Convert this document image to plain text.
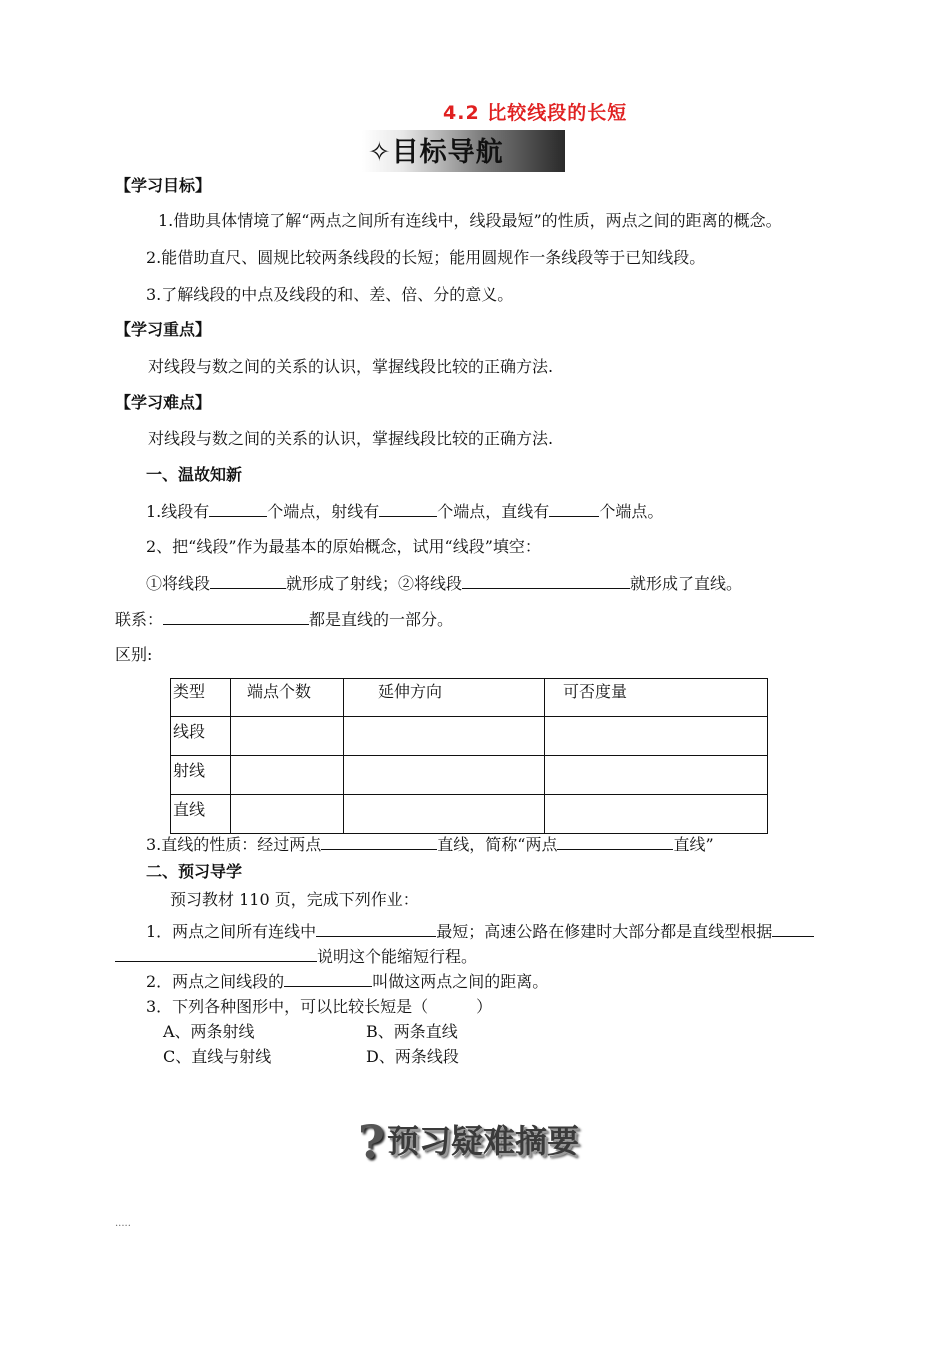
4.2 比较线段的长短
✧目标导航
【学习目标】
1.借助具体情境了解“两点之间所有连线中，线段最短”的性质，两点之间的距离的概念。
2.能借助直尺、圆规比较两条线段的长短；能用圆规作一条线段等于已知线段。
3.了解线段的中点及线段的和、差、倍、分的意义。
【学习重点】
对线段与数之间的关系的认识，掌握线段比较的正确方法.
【学习难点】
对线段与数之间的关系的认识，掌握线段比较的正确方法.
一、温故知新
1.线段有	个端点，射线有	个端点，直线有	个端点。
2、把“线段”作为最基本的原始概念，试用“线段”填空：
①将线段	就形成了射线；②将线段	就形成了直线。
联系：	都是直线的一部分。
区别:
类型	端点个数	延伸方向	可否度量
线段			
射线			
直线			
3.直线的性质：经过两点	直线，简称“两点	直线”
二、预习导学
预习教材 110 页，完成下列作业：
1．两点之间所有连线中	最短；高速公路在修建时大部分都是直线型根据
说明这个能缩短行程。
2．两点之间线段的	叫做这两点之间的距离。
3．下列各种图形中，可以比较长短是（　　　）
A、两条射线	B、两条直线
C、直线与射线	D、两条线段
?预习疑难摘要
.....
